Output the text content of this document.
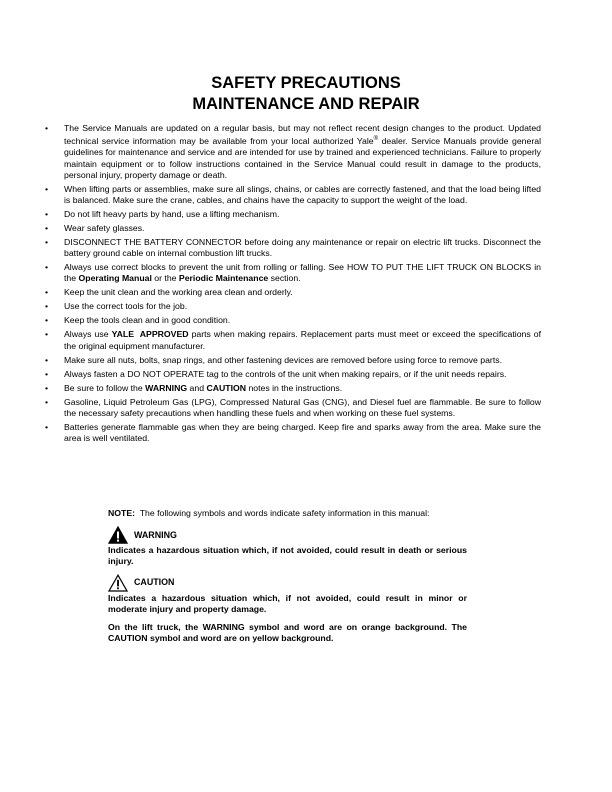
SAFETY PRECAUTIONS
MAINTENANCE AND REPAIR
• The Service Manuals are updated on a regular basis, but may not reflect recent design changes to the product. Updated technical service information may be available from your local authorized Yale® dealer. Service Manuals provide general guidelines for maintenance and service and are intended for use by trained and experienced technicians. Failure to properly maintain equipment or to follow instructions contained in the Service Manual could result in damage to the products, personal injury, property damage or death.
• When lifting parts or assemblies, make sure all slings, chains, or cables are correctly fastened, and that the load being lifted is balanced. Make sure the crane, cables, and chains have the capacity to support the weight of the load.
• Do not lift heavy parts by hand, use a lifting mechanism.
• Wear safety glasses.
• DISCONNECT THE BATTERY CONNECTOR before doing any maintenance or repair on electric lift trucks. Disconnect the battery ground cable on internal combustion lift trucks.
• Always use correct blocks to prevent the unit from rolling or falling. See HOW TO PUT THE LIFT TRUCK ON BLOCKS in the Operating Manual or the Periodic Maintenance section.
• Keep the unit clean and the working area clean and orderly.
• Use the correct tools for the job.
• Keep the tools clean and in good condition.
• Always use YALE  APPROVED parts when making repairs. Replacement parts must meet or exceed the specifications of the original equipment manufacturer.
• Make sure all nuts, bolts, snap rings, and other fastening devices are removed before using force to remove parts.
• Always fasten a DO NOT OPERATE tag to the controls of the unit when making repairs, or if the unit needs repairs.
• Be sure to follow the WARNING and CAUTION notes in the instructions.
• Gasoline, Liquid Petroleum Gas (LPG), Compressed Natural Gas (CNG), and Diesel fuel are flammable. Be sure to follow the necessary safety precautions when handling these fuels and when working on these fuel systems.
• Batteries generate flammable gas when they are being charged. Keep fire and sparks away from the area. Make sure the area is well ventilated.

NOTE:  The following symbols and words indicate safety information in this manual:

WARNING

Indicates a hazardous situation which, if not avoided, could result in death or serious injury.

CAUTION

Indicates a hazardous situation which, if not avoided, could result in minor or moderate injury and property damage.

On the lift truck, the WARNING symbol and word are on orange background. The CAUTION symbol and word are on yellow background.
